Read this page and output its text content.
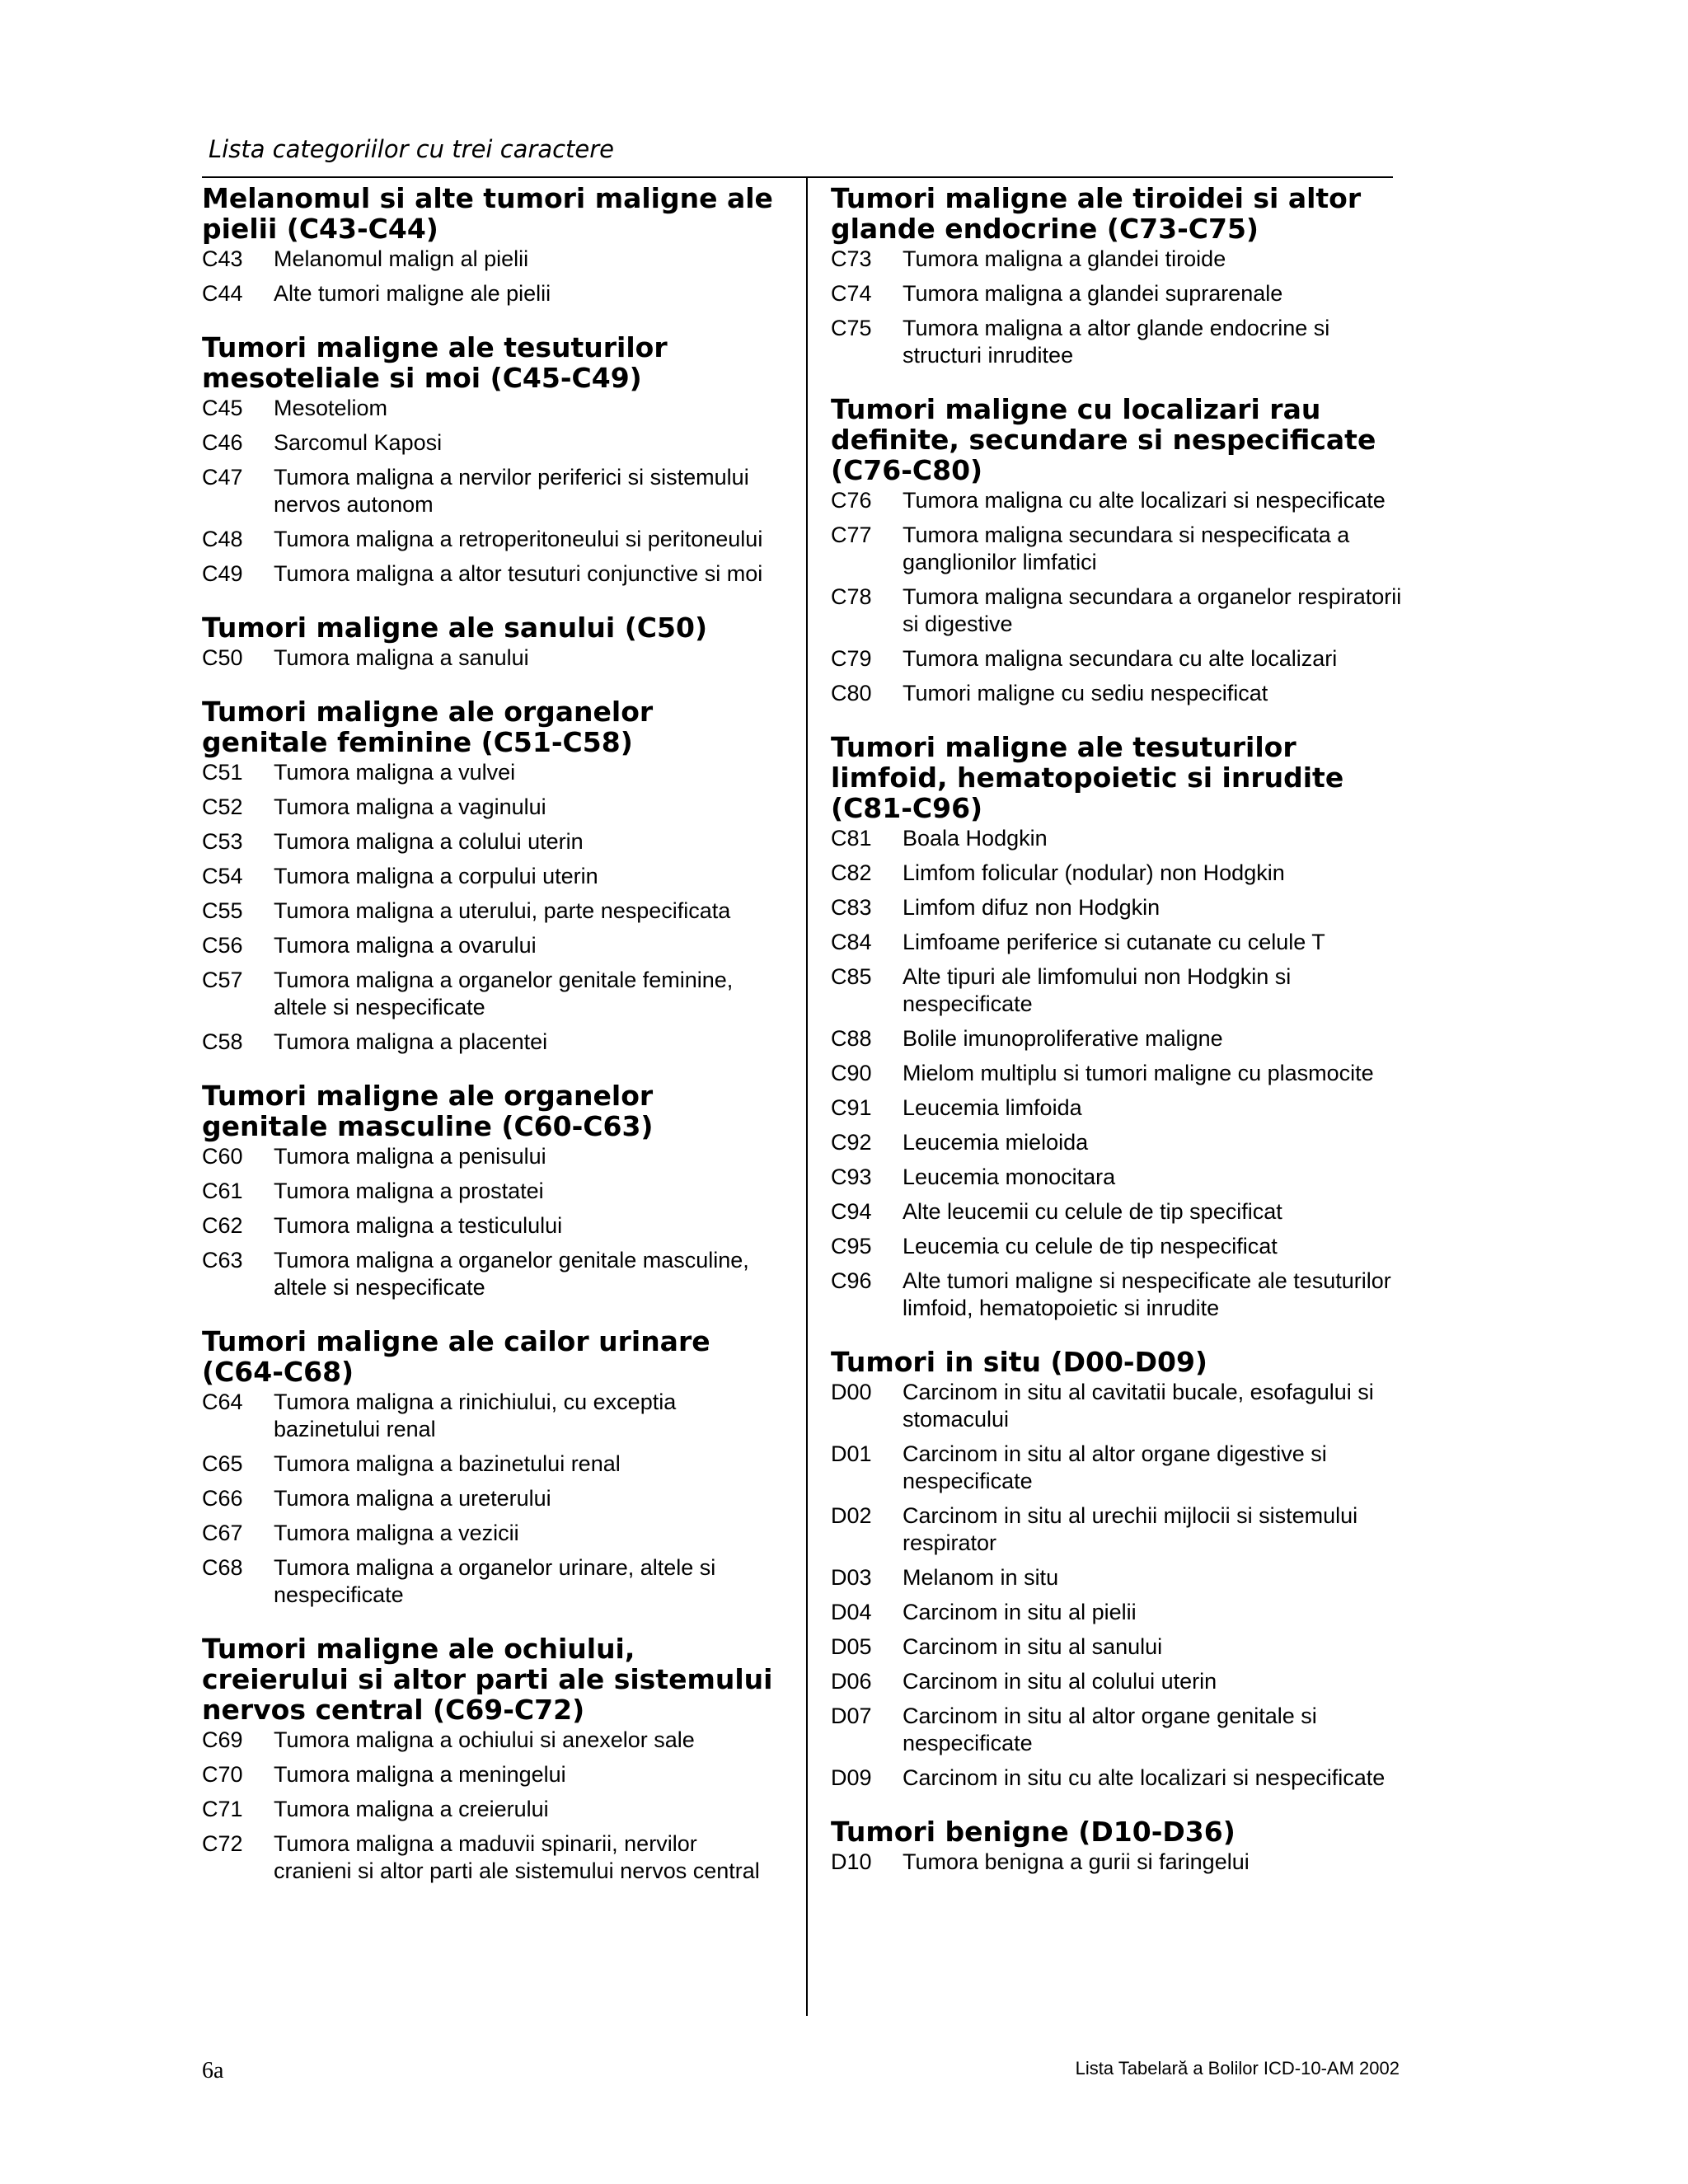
Lista categoriilor cu trei caractere
Melanomul si alte tumori maligne ale pielii (C43-C44)
C43	Melanomul malign al pielii
C44	Alte tumori maligne ale pielii
Tumori maligne ale tesuturilor mesoteliale si moi (C45-C49)
C45	Mesoteliom
C46	Sarcomul Kaposi
C47	Tumora maligna a nervilor periferici si sistemului nervos autonom
C48	Tumora maligna a retroperitoneului si peritoneului
C49	Tumora maligna a altor tesuturi conjunctive si moi
Tumori maligne ale sanului (C50)
C50	Tumora maligna a sanului
Tumori maligne ale organelor genitale feminine (C51-C58)
C51	Tumora maligna a vulvei
C52	Tumora maligna a vaginului
C53	Tumora maligna a colului uterin
C54	Tumora maligna a corpului uterin
C55	Tumora maligna a uterului, parte nespecificata
C56	Tumora maligna a ovarului
C57	Tumora maligna a organelor genitale feminine, altele si nespecificate
C58	Tumora maligna a placentei
Tumori maligne ale organelor genitale masculine (C60-C63)
C60	Tumora maligna a penisului
C61	Tumora maligna a prostatei
C62	Tumora maligna a testiculului
C63	Tumora maligna a organelor genitale masculine, altele si nespecificate
Tumori maligne ale cailor urinare (C64-C68)
C64	Tumora maligna a rinichiului, cu exceptia bazinetului renal
C65	Tumora maligna a bazinetului renal
C66	Tumora maligna a ureterului
C67	Tumora maligna a vezicii
C68	Tumora maligna a organelor urinare, altele si nespecificate
Tumori maligne ale ochiului, creierului si altor parti ale sistemului nervos central (C69-C72)
C69	Tumora maligna a ochiului si anexelor sale
C70	Tumora maligna a meningelui
C71	Tumora maligna a creierului
C72	Tumora maligna a maduvii spinarii, nervilor cranieni si altor parti ale sistemului nervos central
Tumori maligne ale tiroidei si altor glande endocrine (C73-C75)
C73	Tumora maligna a glandei tiroide
C74	Tumora maligna a glandei suprarenale
C75	Tumora maligna a altor glande endocrine si structuri inruditee
Tumori maligne cu localizari rau definite, secundare si nespecificate (C76-C80)
C76	Tumora maligna cu alte localizari si nespecificate
C77	Tumora maligna secundara si nespecificata a ganglionilor limfatici
C78	Tumora maligna secundara a organelor respiratorii si digestive
C79	Tumora maligna secundara cu alte localizari
C80	Tumori maligne cu sediu nespecificat
Tumori maligne ale tesuturilor limfoid, hematopoietic si inrudite (C81-C96)
C81	Boala Hodgkin
C82	Limfom folicular (nodular) non Hodgkin
C83	Limfom difuz non Hodgkin
C84	Limfoame periferice si cutanate cu celule T
C85	Alte tipuri ale limfomului non Hodgkin si nespecificate
C88	Bolile imunoproliferative maligne
C90	Mielom multiplu si tumori maligne cu plasmocite
C91	Leucemia limfoida
C92	Leucemia mieloida
C93	Leucemia monocitara
C94	Alte leucemii cu celule de tip specificat
C95	Leucemia cu celule de tip nespecificat
C96	Alte tumori maligne si nespecificate ale tesuturilor limfoid, hematopoietic si inrudite
Tumori in situ (D00-D09)
D00	Carcinom in situ al cavitatii bucale, esofagului si stomacului
D01	Carcinom in situ al altor organe digestive si nespecificate
D02	Carcinom in situ al urechii mijlocii si sistemului respirator
D03	Melanom in situ
D04	Carcinom in situ al pielii
D05	Carcinom in situ al sanului
D06	Carcinom in situ al colului uterin
D07	Carcinom in situ al altor organe genitale si nespecificate
D09	Carcinom in situ cu alte localizari si nespecificate
Tumori benigne (D10-D36)
D10	Tumora benigna a gurii si faringelui
6a	Lista Tabelară a Bolilor ICD-10-AM 2002
